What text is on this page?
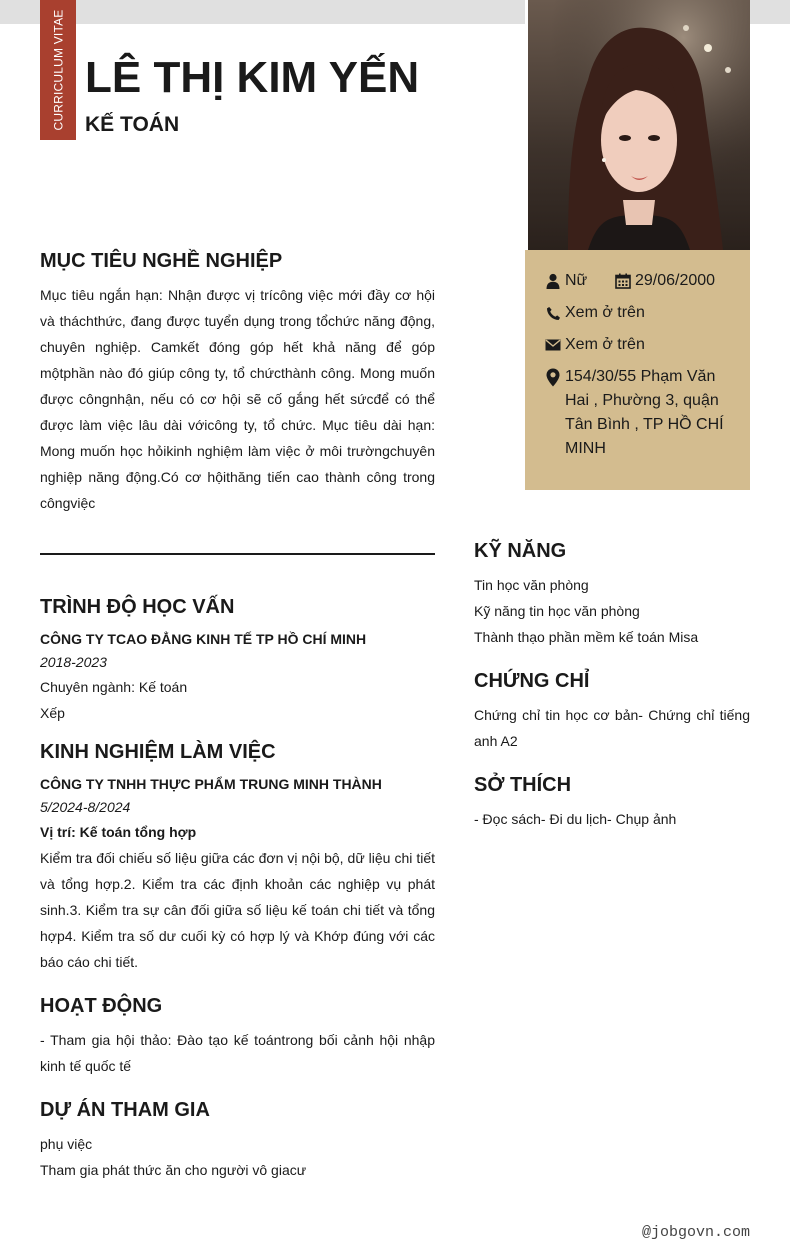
CURRICULUM VITAE LÊ THỊ KIM YẾN
KẾ TOÁN
Nữ	29/06/2000
Xem ở trên
Xem ở trên
154/30/55 Phạm Văn Hai , Phường 3, quận Tân Bình , TP HỒ CHÍ MINH
MỤC TIÊU NGHỀ NGHIỆP

Mục tiêu ngắn hạn: Nhận được vị trícông việc mới đầy cơ hội và tháchthức, đang được tuyển dụng trong tổchức năng động, chuyên nghiệp. Camkết đóng góp hết khả năng để góp mộtphần nào đó giúp công ty, tổ chứcthành công. Mong muốn được côngnhận, nếu có cơ hội sẽ cố gắng hết sứcđể có thể được làm việc lâu dài vớicông ty, tổ chức. Mục tiêu dài hạn: Mong muốn học hỏikinh nghiệm làm việc ở môi trườngchuyên nghiệp năng động.Có cơ hộithăng tiến cao thành công trong côngviệc

TRÌNH ĐỘ HỌC VẤN

CÔNG TY TCAO ĐẲNG KINH TẾ TP HỒ CHÍ MINH

2018-2023

Chuyên ngành: Kế toán

Xếp

KINH NGHIỆM LÀM VIỆC

CÔNG TY TNHH THỰC PHẨM TRUNG MINH THÀNH

5/2024-8/2024

Vị trí: Kế toán tổng hợp

Kiểm tra đối chiếu số liệu giữa các đơn vị nội bộ, dữ liệu chi tiết và tổng hợp.2. Kiểm tra các định khoản các nghiệp vụ phát sinh.3. Kiểm tra sự cân đối giữa số liệu kế toán chi tiết và tổng hợp4. Kiểm tra số dư cuối kỳ có hợp lý và Khớp đúng với các báo cáo chi tiết.

HOẠT ĐỘNG

- Tham gia hội thảo: Đào tạo kế toántrong bối cảnh hội nhập kinh tế quốc tế

DỰ ÁN THAM GIA

phụ việc

Tham gia phát thức ăn cho người vô giacư

KỸ NĂNG

Tin học văn phòng

Kỹ năng tin học văn phòng

Thành thạo phần mềm kế toán Misa

CHỨNG CHỈ

Chứng chỉ tin học cơ bản- Chứng chỉ tiếng anh A2

SỞ THÍCH

- Đọc sách- Đi du lịch- Chụp ảnh

@jobgovn.com
